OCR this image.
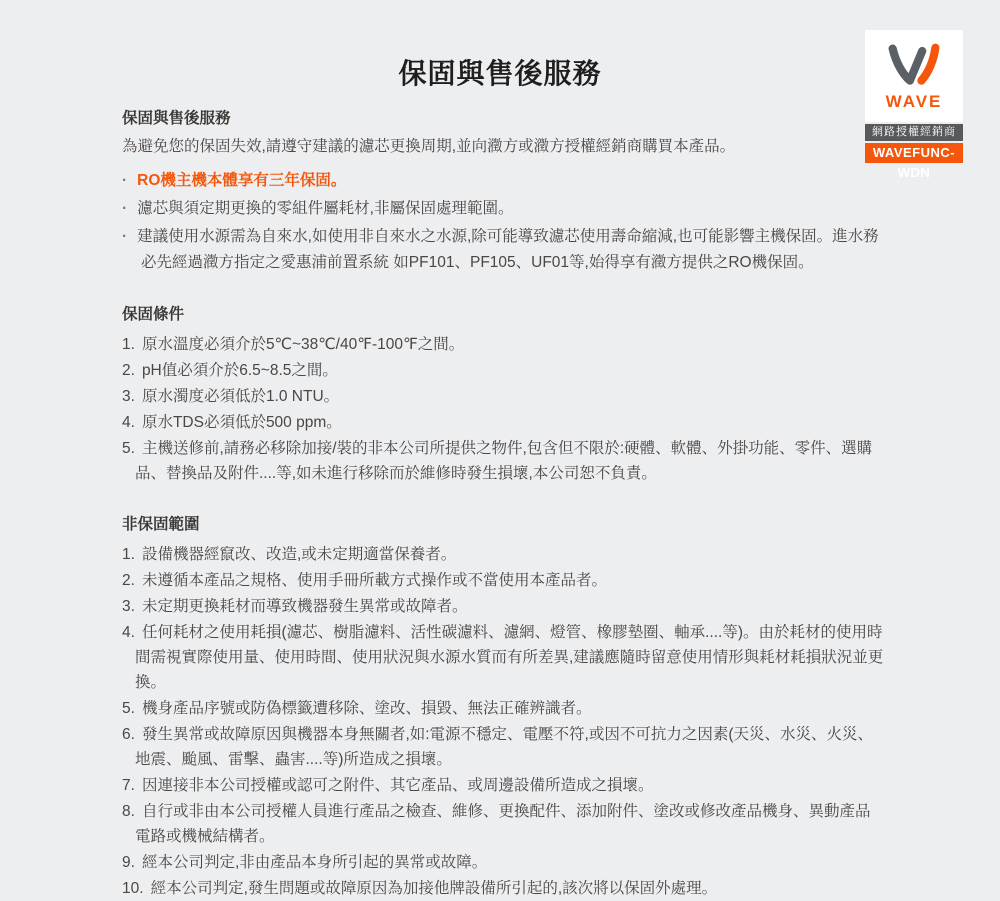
保固與售後服務
WAVE
網路授權經銷商
WAVEFUNC-WDN
保固與售後服務

為避免您的保固失效,請遵守建議的濾芯更換周期,並向瀓方或瀓方授權經銷商購買本產品。

· RO機主機本體享有三年保固。
· 濾芯與須定期更換的零組件屬耗材,非屬保固處理範圍。
· 建議使用水源需為自來水,如使用非自來水之水源,除可能導致濾芯使用壽命縮減,也可能影響主機保固。進水務必先經過瀓方指定之愛惠浦前置系統 如PF101、PF105、UF01等,始得享有瀓方提供之RO機保固。
保固條件
1. 原水溫度必須介於5℃~38℃/40℉-100℉之間。
2. pH值必須介於6.5~8.5之間。
3. 原水濁度必須低於1.0 NTU。
4. 原水TDS必須低於500 ppm。
5. 主機送修前,請務必移除加接/裝的非本公司所提供之物件,包含但不限於:硬體、軟體、外掛功能、零件、選購品、替換品及附件....等,如未進行移除而於維修時發生損壞,本公司恕不負責。
非保固範圍
1. 設備機器經竄改、改造,或未定期適當保養者。
2. 未遵循本產品之規格、使用手冊所載方式操作或不當使用本產品者。
3. 未定期更換耗材而導致機器發生異常或故障者。
4. 任何耗材之使用耗損(濾芯、樹脂濾料、活性碳濾料、濾網、燈管、橡膠墊圈、軸承....等)。由於耗材的使用時間需視實際使用量、使用時間、使用狀況與水源水質而有所差異,建議應隨時留意使用情形與耗材耗損狀況並更換。
5. 機身產品序號或防偽標籤遭移除、塗改、損毀、無法正確辨識者。
6. 發生異常或故障原因與機器本身無關者,如:電源不穩定、電壓不符,或因不可抗力之因素(天災、水災、火災、地震、颱風、雷擊、蟲害....等)所造成之損壞。
7. 因連接非本公司授權或認可之附件、其它產品、或周邊設備所造成之損壞。
8. 自行或非由本公司授權人員進行產品之檢查、維修、更換配件、添加附件、塗改或修改產品機身、異動產品電路或機械結構者。
9. 經本公司判定,非由產品本身所引起的異常或故障。
10. 經本公司判定,發生問題或故障原因為加接他牌設備所引起的,該次將以保固外處理。
